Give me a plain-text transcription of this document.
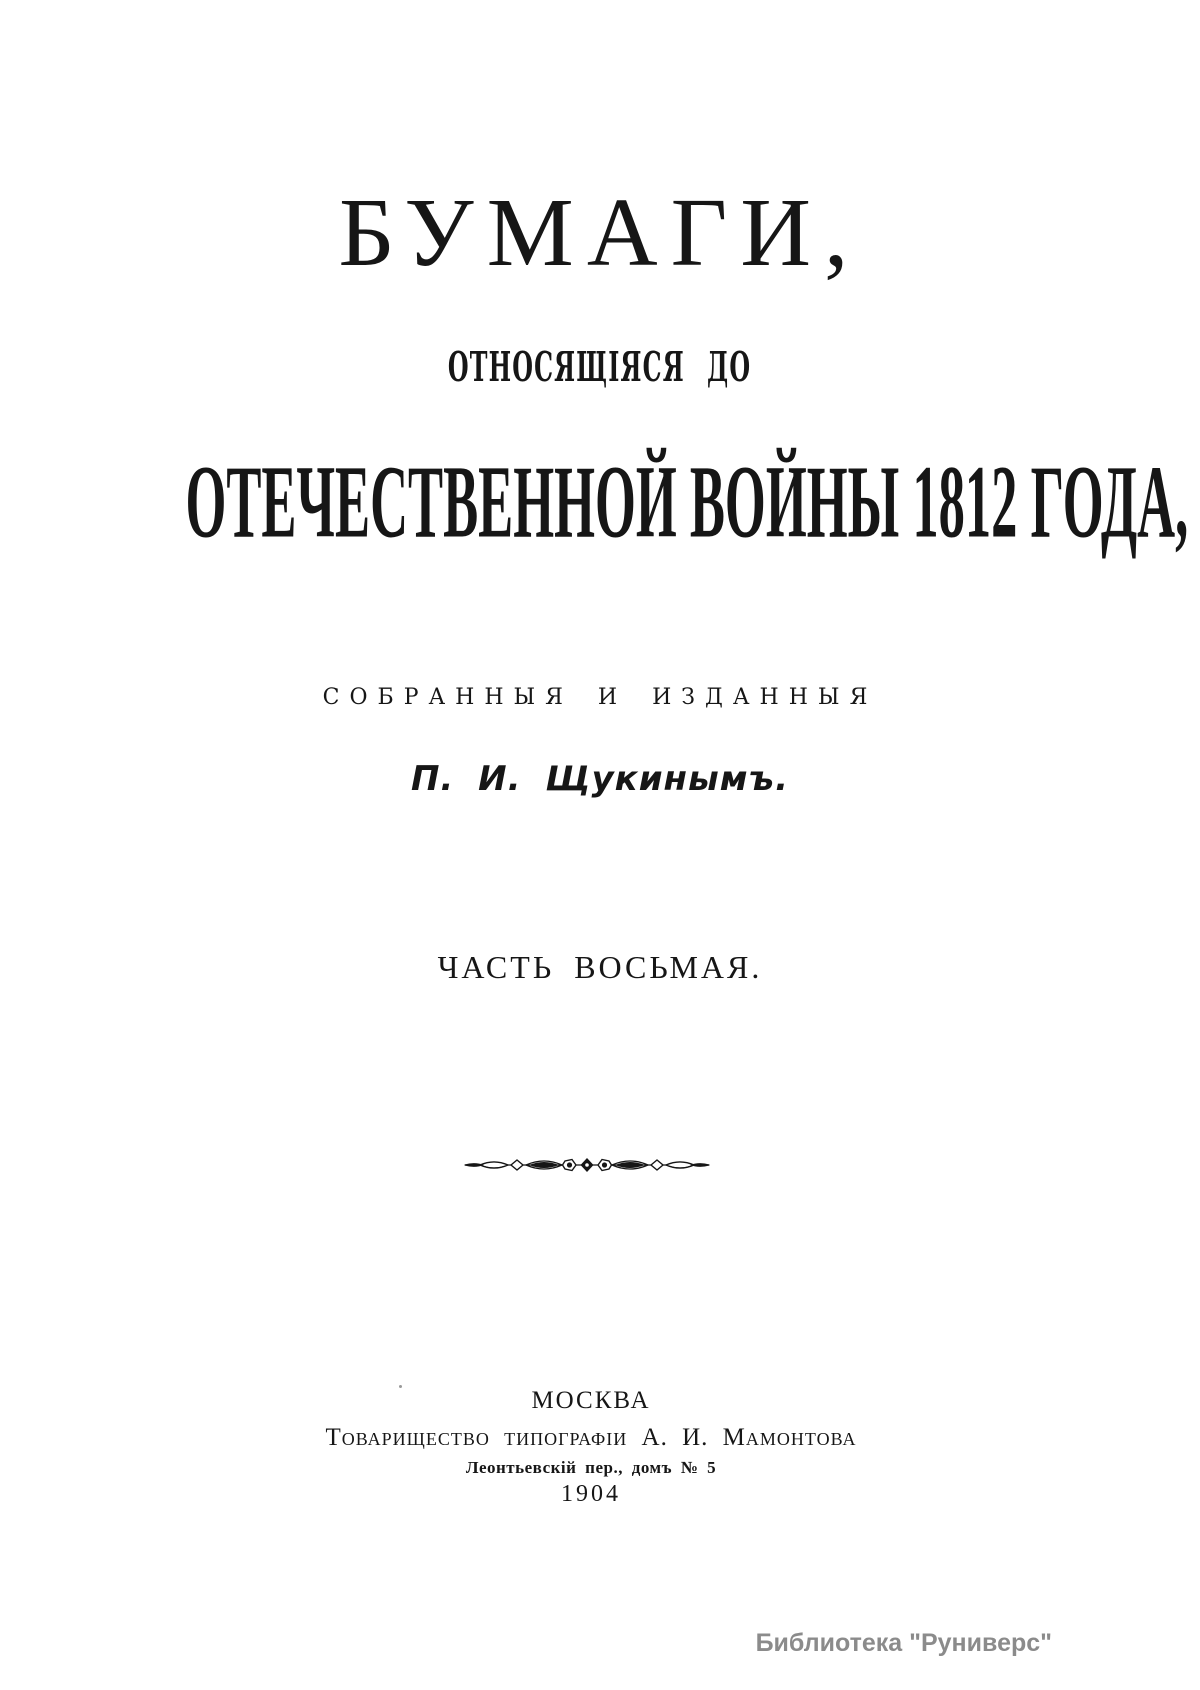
БУМАГИ,
ОТНОСЯЩІЯСЯ ДО
ОТЕЧЕСТВЕННОЙ ВОЙНЫ 1812 ГОДА,
СОБРАННЫЯ И ИЗДАННЫЯ
П. И. Щукинымъ.
ЧАСТЬ ВОСЬМАЯ.
МОСКВА
Товарищество типографіи А. И. Мамонтова
Леонтьевскій пер., домъ № 5
1904
Библиотека "Руниверс"
